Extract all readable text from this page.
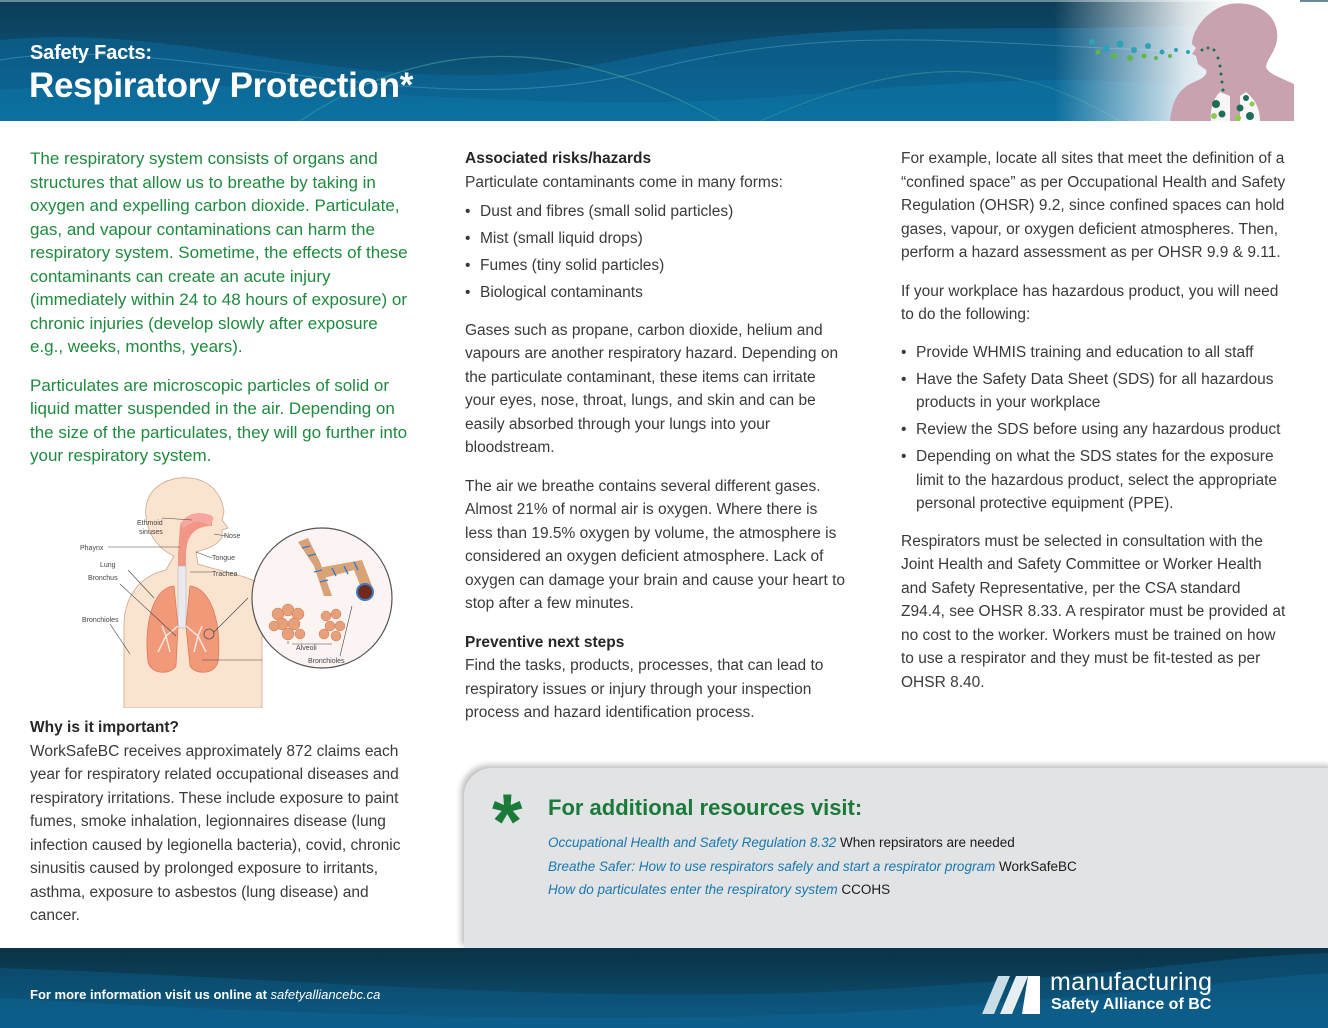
Safety Facts:
Respiratory Protection*

The respiratory system consists of organs and structures that allow us to breathe by taking in oxygen and expelling carbon dioxide. Particulate, gas, and vapour contaminations can harm the respiratory system. Sometime, the effects of these contaminants can create an acute injury (immediately within 24 to 48 hours of exposure) or chronic injuries (develop slowly after exposure e.g., weeks, months, years).

Particulates are microscopic particles of solid or liquid matter suspended in the air. Depending on the size of the particulates, they will go further into your respiratory system.

Ethmoid
sinuses
Nose
Phaynx
Tongue
Lung
Trachea
Bronchus
Bronchioles
Alveoli
Bronchioles
Why is it important?
WorkSafeBC receives approximately 872 claims each year for respiratory related occupational diseases and respiratory irritations. These include exposure to paint fumes, smoke inhalation, legionnaires disease (lung infection caused by legionella bacteria), covid, chronic sinusitis caused by prolonged exposure to irritants, asthma, exposure to asbestos (lung disease) and cancer.
Associated risks/hazards
Particulate contaminants come in many forms:
• Dust and fibres (small solid particles)
• Mist (small liquid drops)
• Fumes (tiny solid particles)
• Biological contaminants

Gases such as propane, carbon dioxide, helium and vapours are another respiratory hazard. Depending on the particulate contaminant, these items can irritate your eyes, nose, throat, lungs, and skin and can be easily absorbed through your lungs into your bloodstream.

The air we breathe contains several different gases. Almost 21% of normal air is oxygen. Where there is less than 19.5% oxygen by volume, the atmosphere is considered an oxygen deficient atmosphere. Lack of oxygen can damage your brain and cause your heart to stop after a few minutes.

Preventive next steps
Find the tasks, products, processes, that can lead to respiratory issues or injury through your inspection process and hazard identification process.

For example, locate all sites that meet the definition of a “confined space” as per Occupational Health and Safety Regulation (OHSR) 9.2, since confined spaces can hold gases, vapour, or oxygen deficient atmospheres. Then, perform a hazard assessment as per OHSR 9.9 & 9.11.

If your workplace has hazardous product, you will need to do the following:

• Provide WHMIS training and education to all staff
• Have the Safety Data Sheet (SDS) for all hazardous products in your workplace
• Review the SDS before using any hazardous product
• Depending on what the SDS states for the exposure limit to the hazardous product, select the appropriate personal protective equipment (PPE).

Respirators must be selected in consultation with the Joint Health and Safety Committee or Worker Health and Safety Representative, per the CSA standard Z94.4, see OHSR 8.33. A respirator must be provided at no cost to the worker. Workers must be trained on how to use a respirator and they must be fit-tested as per OHSR 8.40.

* For additional resources visit:
Occupational Health and Safety Regulation 8.32 When repsirators are needed
Breathe Safer: How to use respirators safely and start a respirator program WorkSafeBC
How do particulates enter the respiratory system CCOHS
For more information visit us online at safetyalliancebc.ca	manufacturing
Safety Alliance of BC
